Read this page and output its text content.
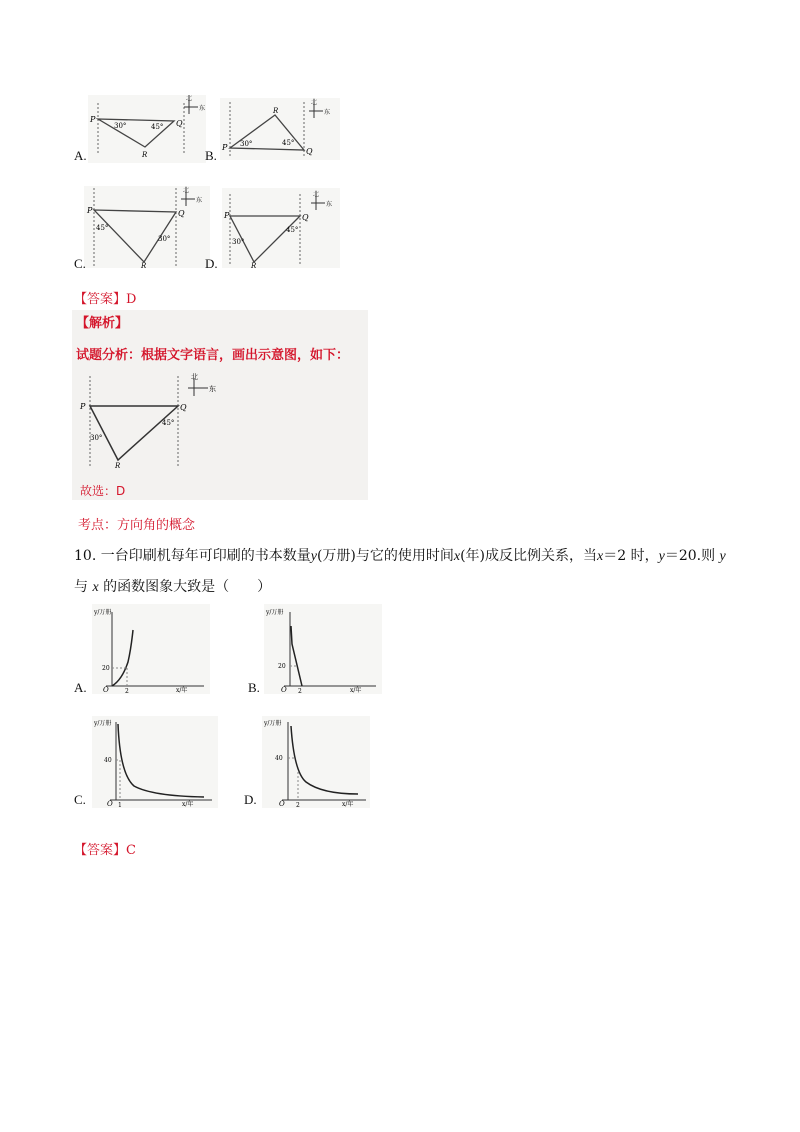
P	Q
R
30°	45°
北
东
A.
P	Q
R
30°	45°
北
东
B.
P	Q
R
45°
30°
北
东
C.
P	Q
R
30°
45°
北
东
D.
【答案】D
【解析】
试题分析：根据文字语言，画出示意图，如下：
P	Q
R
30°
45°
北
东
故选：D
考点：方向角的概念
10. 一台印刷机每年可印刷的书本数量y(万册)与它的使用时间x(年)成反比例关系，当x＝2 时，y＝20.则 y
与 x 的函数图象大致是（　　）
y/万册
x/年
20
2
O
A.
y/万册
x/年
20
2
O
B.
y/万册
x/年
40
1
O
C.
y/万册
x/年
40
2
O
D.
【答案】C
